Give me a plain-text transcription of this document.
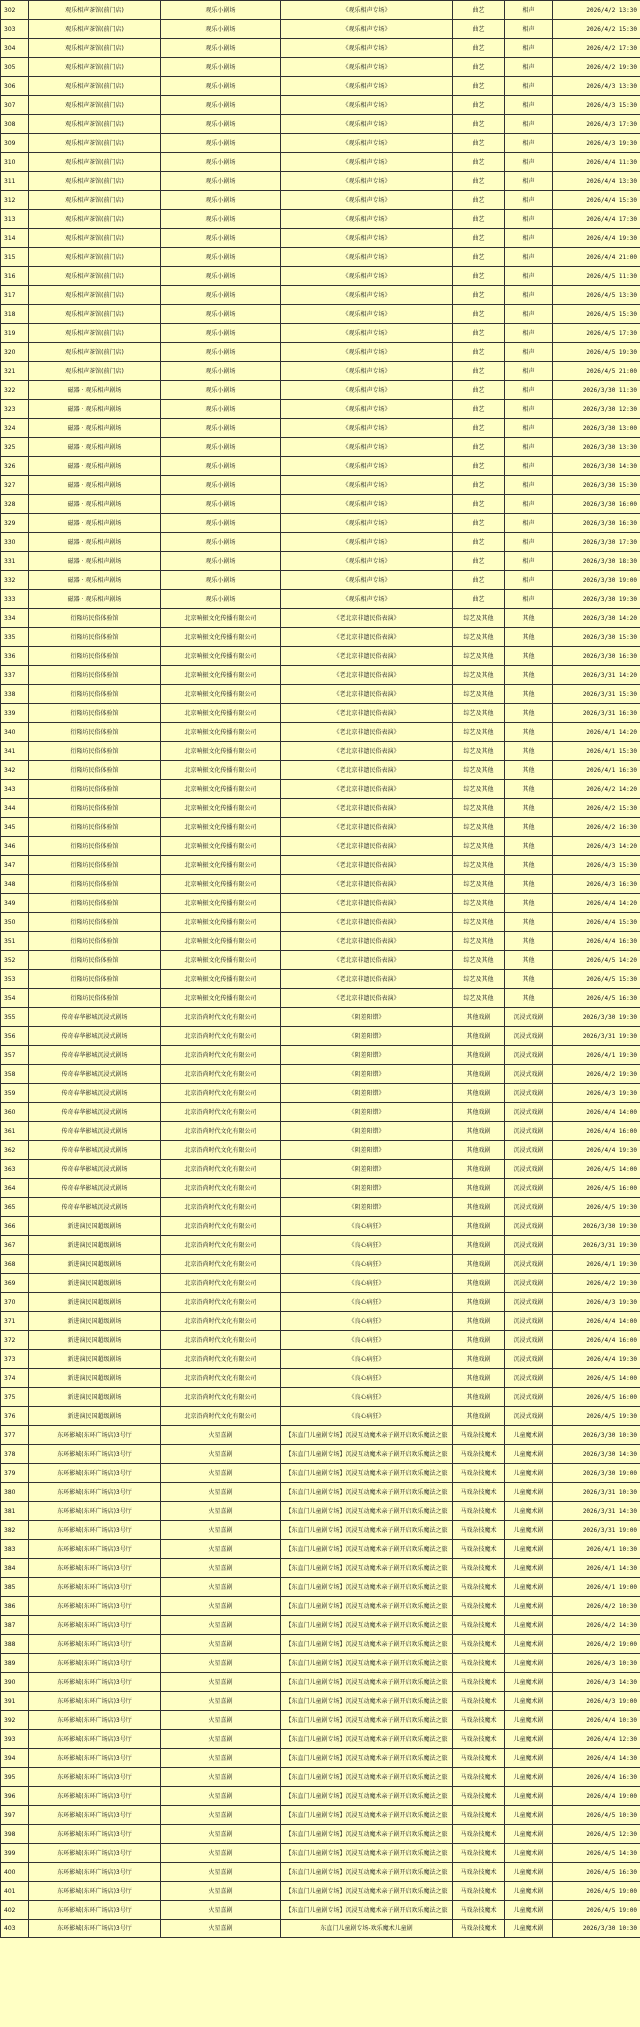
302	观乐相声茶馆(前门店)	观乐小剧场	《观乐相声专场》	曲艺	相声	2026/4/2 13:30
303	观乐相声茶馆(前门店)	观乐小剧场	《观乐相声专场》	曲艺	相声	2026/4/2 15:30
304	观乐相声茶馆(前门店)	观乐小剧场	《观乐相声专场》	曲艺	相声	2026/4/2 17:30
305	观乐相声茶馆(前门店)	观乐小剧场	《观乐相声专场》	曲艺	相声	2026/4/2 19:30
306	观乐相声茶馆(前门店)	观乐小剧场	《观乐相声专场》	曲艺	相声	2026/4/3 13:30
307	观乐相声茶馆(前门店)	观乐小剧场	《观乐相声专场》	曲艺	相声	2026/4/3 15:30
308	观乐相声茶馆(前门店)	观乐小剧场	《观乐相声专场》	曲艺	相声	2026/4/3 17:30
309	观乐相声茶馆(前门店)	观乐小剧场	《观乐相声专场》	曲艺	相声	2026/4/3 19:30
310	观乐相声茶馆(前门店)	观乐小剧场	《观乐相声专场》	曲艺	相声	2026/4/4 11:30
311	观乐相声茶馆(前门店)	观乐小剧场	《观乐相声专场》	曲艺	相声	2026/4/4 13:30
312	观乐相声茶馆(前门店)	观乐小剧场	《观乐相声专场》	曲艺	相声	2026/4/4 15:30
313	观乐相声茶馆(前门店)	观乐小剧场	《观乐相声专场》	曲艺	相声	2026/4/4 17:30
314	观乐相声茶馆(前门店)	观乐小剧场	《观乐相声专场》	曲艺	相声	2026/4/4 19:30
315	观乐相声茶馆(前门店)	观乐小剧场	《观乐相声专场》	曲艺	相声	2026/4/4 21:00
316	观乐相声茶馆(前门店)	观乐小剧场	《观乐相声专场》	曲艺	相声	2026/4/5 11:30
317	观乐相声茶馆(前门店)	观乐小剧场	《观乐相声专场》	曲艺	相声	2026/4/5 13:30
318	观乐相声茶馆(前门店)	观乐小剧场	《观乐相声专场》	曲艺	相声	2026/4/5 15:30
319	观乐相声茶馆(前门店)	观乐小剧场	《观乐相声专场》	曲艺	相声	2026/4/5 17:30
320	观乐相声茶馆(前门店)	观乐小剧场	《观乐相声专场》	曲艺	相声	2026/4/5 19:30
321	观乐相声茶馆(前门店)	观乐小剧场	《观乐相声专场》	曲艺	相声	2026/4/5 21:00
322	磁器 · 观乐相声剧场	观乐小剧场	《观乐相声专场》	曲艺	相声	2026/3/30 11:30
323	磁器 · 观乐相声剧场	观乐小剧场	《观乐相声专场》	曲艺	相声	2026/3/30 12:30
324	磁器 · 观乐相声剧场	观乐小剧场	《观乐相声专场》	曲艺	相声	2026/3/30 13:00
325	磁器 · 观乐相声剧场	观乐小剧场	《观乐相声专场》	曲艺	相声	2026/3/30 13:30
326	磁器 · 观乐相声剧场	观乐小剧场	《观乐相声专场》	曲艺	相声	2026/3/30 14:30
327	磁器 · 观乐相声剧场	观乐小剧场	《观乐相声专场》	曲艺	相声	2026/3/30 15:30
328	磁器 · 观乐相声剧场	观乐小剧场	《观乐相声专场》	曲艺	相声	2026/3/30 16:00
329	磁器 · 观乐相声剧场	观乐小剧场	《观乐相声专场》	曲艺	相声	2026/3/30 16:30
330	磁器 · 观乐相声剧场	观乐小剧场	《观乐相声专场》	曲艺	相声	2026/3/30 17:30
331	磁器 · 观乐相声剧场	观乐小剧场	《观乐相声专场》	曲艺	相声	2026/3/30 18:30
332	磁器 · 观乐相声剧场	观乐小剧场	《观乐相声专场》	曲艺	相声	2026/3/30 19:00
333	磁器 · 观乐相声剧场	观乐小剧场	《观乐相声专场》	曲艺	相声	2026/3/30 19:30
334	衍隆坊民俗体验馆	北京响振文化传播有限公司	《老北京非遗民俗表演》	综艺及其他	其他	2026/3/30 14:20
335	衍隆坊民俗体验馆	北京响振文化传播有限公司	《老北京非遗民俗表演》	综艺及其他	其他	2026/3/30 15:30
336	衍隆坊民俗体验馆	北京响振文化传播有限公司	《老北京非遗民俗表演》	综艺及其他	其他	2026/3/30 16:30
337	衍隆坊民俗体验馆	北京响振文化传播有限公司	《老北京非遗民俗表演》	综艺及其他	其他	2026/3/31 14:20
338	衍隆坊民俗体验馆	北京响振文化传播有限公司	《老北京非遗民俗表演》	综艺及其他	其他	2026/3/31 15:30
339	衍隆坊民俗体验馆	北京响振文化传播有限公司	《老北京非遗民俗表演》	综艺及其他	其他	2026/3/31 16:30
340	衍隆坊民俗体验馆	北京响振文化传播有限公司	《老北京非遗民俗表演》	综艺及其他	其他	2026/4/1 14:20
341	衍隆坊民俗体验馆	北京响振文化传播有限公司	《老北京非遗民俗表演》	综艺及其他	其他	2026/4/1 15:30
342	衍隆坊民俗体验馆	北京响振文化传播有限公司	《老北京非遗民俗表演》	综艺及其他	其他	2026/4/1 16:30
343	衍隆坊民俗体验馆	北京响振文化传播有限公司	《老北京非遗民俗表演》	综艺及其他	其他	2026/4/2 14:20
344	衍隆坊民俗体验馆	北京响振文化传播有限公司	《老北京非遗民俗表演》	综艺及其他	其他	2026/4/2 15:30
345	衍隆坊民俗体验馆	北京响振文化传播有限公司	《老北京非遗民俗表演》	综艺及其他	其他	2026/4/2 16:30
346	衍隆坊民俗体验馆	北京响振文化传播有限公司	《老北京非遗民俗表演》	综艺及其他	其他	2026/4/3 14:20
347	衍隆坊民俗体验馆	北京响振文化传播有限公司	《老北京非遗民俗表演》	综艺及其他	其他	2026/4/3 15:30
348	衍隆坊民俗体验馆	北京响振文化传播有限公司	《老北京非遗民俗表演》	综艺及其他	其他	2026/4/3 16:30
349	衍隆坊民俗体验馆	北京响振文化传播有限公司	《老北京非遗民俗表演》	综艺及其他	其他	2026/4/4 14:20
350	衍隆坊民俗体验馆	北京响振文化传播有限公司	《老北京非遗民俗表演》	综艺及其他	其他	2026/4/4 15:30
351	衍隆坊民俗体验馆	北京响振文化传播有限公司	《老北京非遗民俗表演》	综艺及其他	其他	2026/4/4 16:30
352	衍隆坊民俗体验馆	北京响振文化传播有限公司	《老北京非遗民俗表演》	综艺及其他	其他	2026/4/5 14:20
353	衍隆坊民俗体验馆	北京响振文化传播有限公司	《老北京非遗民俗表演》	综艺及其他	其他	2026/4/5 15:30
354	衍隆坊民俗体验馆	北京响振文化传播有限公司	《老北京非遗民俗表演》	综艺及其他	其他	2026/4/5 16:30
355	传奇春华影城沉浸式剧场	北京沿尚时代文化有限公司	《阴差阳错》	其他戏剧	沉浸式戏剧	2026/3/30 19:30
356	传奇春华影城沉浸式剧场	北京沿尚时代文化有限公司	《阴差阳错》	其他戏剧	沉浸式戏剧	2026/3/31 19:30
357	传奇春华影城沉浸式剧场	北京沿尚时代文化有限公司	《阴差阳错》	其他戏剧	沉浸式戏剧	2026/4/1 19:30
358	传奇春华影城沉浸式剧场	北京沿尚时代文化有限公司	《阴差阳错》	其他戏剧	沉浸式戏剧	2026/4/2 19:30
359	传奇春华影城沉浸式剧场	北京沿尚时代文化有限公司	《阴差阳错》	其他戏剧	沉浸式戏剧	2026/4/3 19:30
360	传奇春华影城沉浸式剧场	北京沿尚时代文化有限公司	《阴差阳错》	其他戏剧	沉浸式戏剧	2026/4/4 14:00
361	传奇春华影城沉浸式剧场	北京沿尚时代文化有限公司	《阴差阳错》	其他戏剧	沉浸式戏剧	2026/4/4 16:00
362	传奇春华影城沉浸式剧场	北京沿尚时代文化有限公司	《阴差阳错》	其他戏剧	沉浸式戏剧	2026/4/4 19:30
363	传奇春华影城沉浸式剧场	北京沿尚时代文化有限公司	《阴差阳错》	其他戏剧	沉浸式戏剧	2026/4/5 14:00
364	传奇春华影城沉浸式剧场	北京沿尚时代文化有限公司	《阴差阳错》	其他戏剧	沉浸式戏剧	2026/4/5 16:00
365	传奇春华影城沉浸式剧场	北京沿尚时代文化有限公司	《阴差阳错》	其他戏剧	沉浸式戏剧	2026/4/5 19:30
366	新进演民国超级剧场	北京沿尚时代文化有限公司	《良心病狂》	其他戏剧	沉浸式戏剧	2026/3/30 19:30
367	新进演民国超级剧场	北京沿尚时代文化有限公司	《良心病狂》	其他戏剧	沉浸式戏剧	2026/3/31 19:30
368	新进演民国超级剧场	北京沿尚时代文化有限公司	《良心病狂》	其他戏剧	沉浸式戏剧	2026/4/1 19:30
369	新进演民国超级剧场	北京沿尚时代文化有限公司	《良心病狂》	其他戏剧	沉浸式戏剧	2026/4/2 19:30
370	新进演民国超级剧场	北京沿尚时代文化有限公司	《良心病狂》	其他戏剧	沉浸式戏剧	2026/4/3 19:30
371	新进演民国超级剧场	北京沿尚时代文化有限公司	《良心病狂》	其他戏剧	沉浸式戏剧	2026/4/4 14:00
372	新进演民国超级剧场	北京沿尚时代文化有限公司	《良心病狂》	其他戏剧	沉浸式戏剧	2026/4/4 16:00
373	新进演民国超级剧场	北京沿尚时代文化有限公司	《良心病狂》	其他戏剧	沉浸式戏剧	2026/4/4 19:30
374	新进演民国超级剧场	北京沿尚时代文化有限公司	《良心病狂》	其他戏剧	沉浸式戏剧	2026/4/5 14:00
375	新进演民国超级剧场	北京沿尚时代文化有限公司	《良心病狂》	其他戏剧	沉浸式戏剧	2026/4/5 16:00
376	新进演民国超级剧场	北京沿尚时代文化有限公司	《良心病狂》	其他戏剧	沉浸式戏剧	2026/4/5 19:30
377	东环影城(东环广场店)3号厅	火星喜剧	【东直门儿童剧专场】沉浸互动魔术亲子剧开启欢乐魔法之旅	马戏杂技魔术	儿童魔术剧	2026/3/30 10:30
378	东环影城(东环广场店)3号厅	火星喜剧	【东直门儿童剧专场】沉浸互动魔术亲子剧开启欢乐魔法之旅	马戏杂技魔术	儿童魔术剧	2026/3/30 14:30
379	东环影城(东环广场店)3号厅	火星喜剧	【东直门儿童剧专场】沉浸互动魔术亲子剧开启欢乐魔法之旅	马戏杂技魔术	儿童魔术剧	2026/3/30 19:00
380	东环影城(东环广场店)3号厅	火星喜剧	【东直门儿童剧专场】沉浸互动魔术亲子剧开启欢乐魔法之旅	马戏杂技魔术	儿童魔术剧	2026/3/31 10:30
381	东环影城(东环广场店)3号厅	火星喜剧	【东直门儿童剧专场】沉浸互动魔术亲子剧开启欢乐魔法之旅	马戏杂技魔术	儿童魔术剧	2026/3/31 14:30
382	东环影城(东环广场店)3号厅	火星喜剧	【东直门儿童剧专场】沉浸互动魔术亲子剧开启欢乐魔法之旅	马戏杂技魔术	儿童魔术剧	2026/3/31 19:00
383	东环影城(东环广场店)3号厅	火星喜剧	【东直门儿童剧专场】沉浸互动魔术亲子剧开启欢乐魔法之旅	马戏杂技魔术	儿童魔术剧	2026/4/1 10:30
384	东环影城(东环广场店)3号厅	火星喜剧	【东直门儿童剧专场】沉浸互动魔术亲子剧开启欢乐魔法之旅	马戏杂技魔术	儿童魔术剧	2026/4/1 14:30
385	东环影城(东环广场店)3号厅	火星喜剧	【东直门儿童剧专场】沉浸互动魔术亲子剧开启欢乐魔法之旅	马戏杂技魔术	儿童魔术剧	2026/4/1 19:00
386	东环影城(东环广场店)3号厅	火星喜剧	【东直门儿童剧专场】沉浸互动魔术亲子剧开启欢乐魔法之旅	马戏杂技魔术	儿童魔术剧	2026/4/2 10:30
387	东环影城(东环广场店)3号厅	火星喜剧	【东直门儿童剧专场】沉浸互动魔术亲子剧开启欢乐魔法之旅	马戏杂技魔术	儿童魔术剧	2026/4/2 14:30
388	东环影城(东环广场店)3号厅	火星喜剧	【东直门儿童剧专场】沉浸互动魔术亲子剧开启欢乐魔法之旅	马戏杂技魔术	儿童魔术剧	2026/4/2 19:00
389	东环影城(东环广场店)3号厅	火星喜剧	【东直门儿童剧专场】沉浸互动魔术亲子剧开启欢乐魔法之旅	马戏杂技魔术	儿童魔术剧	2026/4/3 10:30
390	东环影城(东环广场店)3号厅	火星喜剧	【东直门儿童剧专场】沉浸互动魔术亲子剧开启欢乐魔法之旅	马戏杂技魔术	儿童魔术剧	2026/4/3 14:30
391	东环影城(东环广场店)3号厅	火星喜剧	【东直门儿童剧专场】沉浸互动魔术亲子剧开启欢乐魔法之旅	马戏杂技魔术	儿童魔术剧	2026/4/3 19:00
392	东环影城(东环广场店)3号厅	火星喜剧	【东直门儿童剧专场】沉浸互动魔术亲子剧开启欢乐魔法之旅	马戏杂技魔术	儿童魔术剧	2026/4/4 10:30
393	东环影城(东环广场店)3号厅	火星喜剧	【东直门儿童剧专场】沉浸互动魔术亲子剧开启欢乐魔法之旅	马戏杂技魔术	儿童魔术剧	2026/4/4 12:30
394	东环影城(东环广场店)3号厅	火星喜剧	【东直门儿童剧专场】沉浸互动魔术亲子剧开启欢乐魔法之旅	马戏杂技魔术	儿童魔术剧	2026/4/4 14:30
395	东环影城(东环广场店)3号厅	火星喜剧	【东直门儿童剧专场】沉浸互动魔术亲子剧开启欢乐魔法之旅	马戏杂技魔术	儿童魔术剧	2026/4/4 16:30
396	东环影城(东环广场店)3号厅	火星喜剧	【东直门儿童剧专场】沉浸互动魔术亲子剧开启欢乐魔法之旅	马戏杂技魔术	儿童魔术剧	2026/4/4 19:00
397	东环影城(东环广场店)3号厅	火星喜剧	【东直门儿童剧专场】沉浸互动魔术亲子剧开启欢乐魔法之旅	马戏杂技魔术	儿童魔术剧	2026/4/5 10:30
398	东环影城(东环广场店)3号厅	火星喜剧	【东直门儿童剧专场】沉浸互动魔术亲子剧开启欢乐魔法之旅	马戏杂技魔术	儿童魔术剧	2026/4/5 12:30
399	东环影城(东环广场店)3号厅	火星喜剧	【东直门儿童剧专场】沉浸互动魔术亲子剧开启欢乐魔法之旅	马戏杂技魔术	儿童魔术剧	2026/4/5 14:30
400	东环影城(东环广场店)3号厅	火星喜剧	【东直门儿童剧专场】沉浸互动魔术亲子剧开启欢乐魔法之旅	马戏杂技魔术	儿童魔术剧	2026/4/5 16:30
401	东环影城(东环广场店)3号厅	火星喜剧	【东直门儿童剧专场】沉浸互动魔术亲子剧开启欢乐魔法之旅	马戏杂技魔术	儿童魔术剧	2026/4/5 19:00
402	东环影城(东环广场店)3号厅	火星喜剧	【东直门儿童剧专场】沉浸互动魔术亲子剧开启欢乐魔法之旅	马戏杂技魔术	儿童魔术剧	2026/4/5 19:00
403	东环影城(东环广场店)3号厅	火星喜剧	东直门儿童剧专场-欢乐魔术儿童剧	马戏杂技魔术	儿童魔术剧	2026/3/30 10:30
